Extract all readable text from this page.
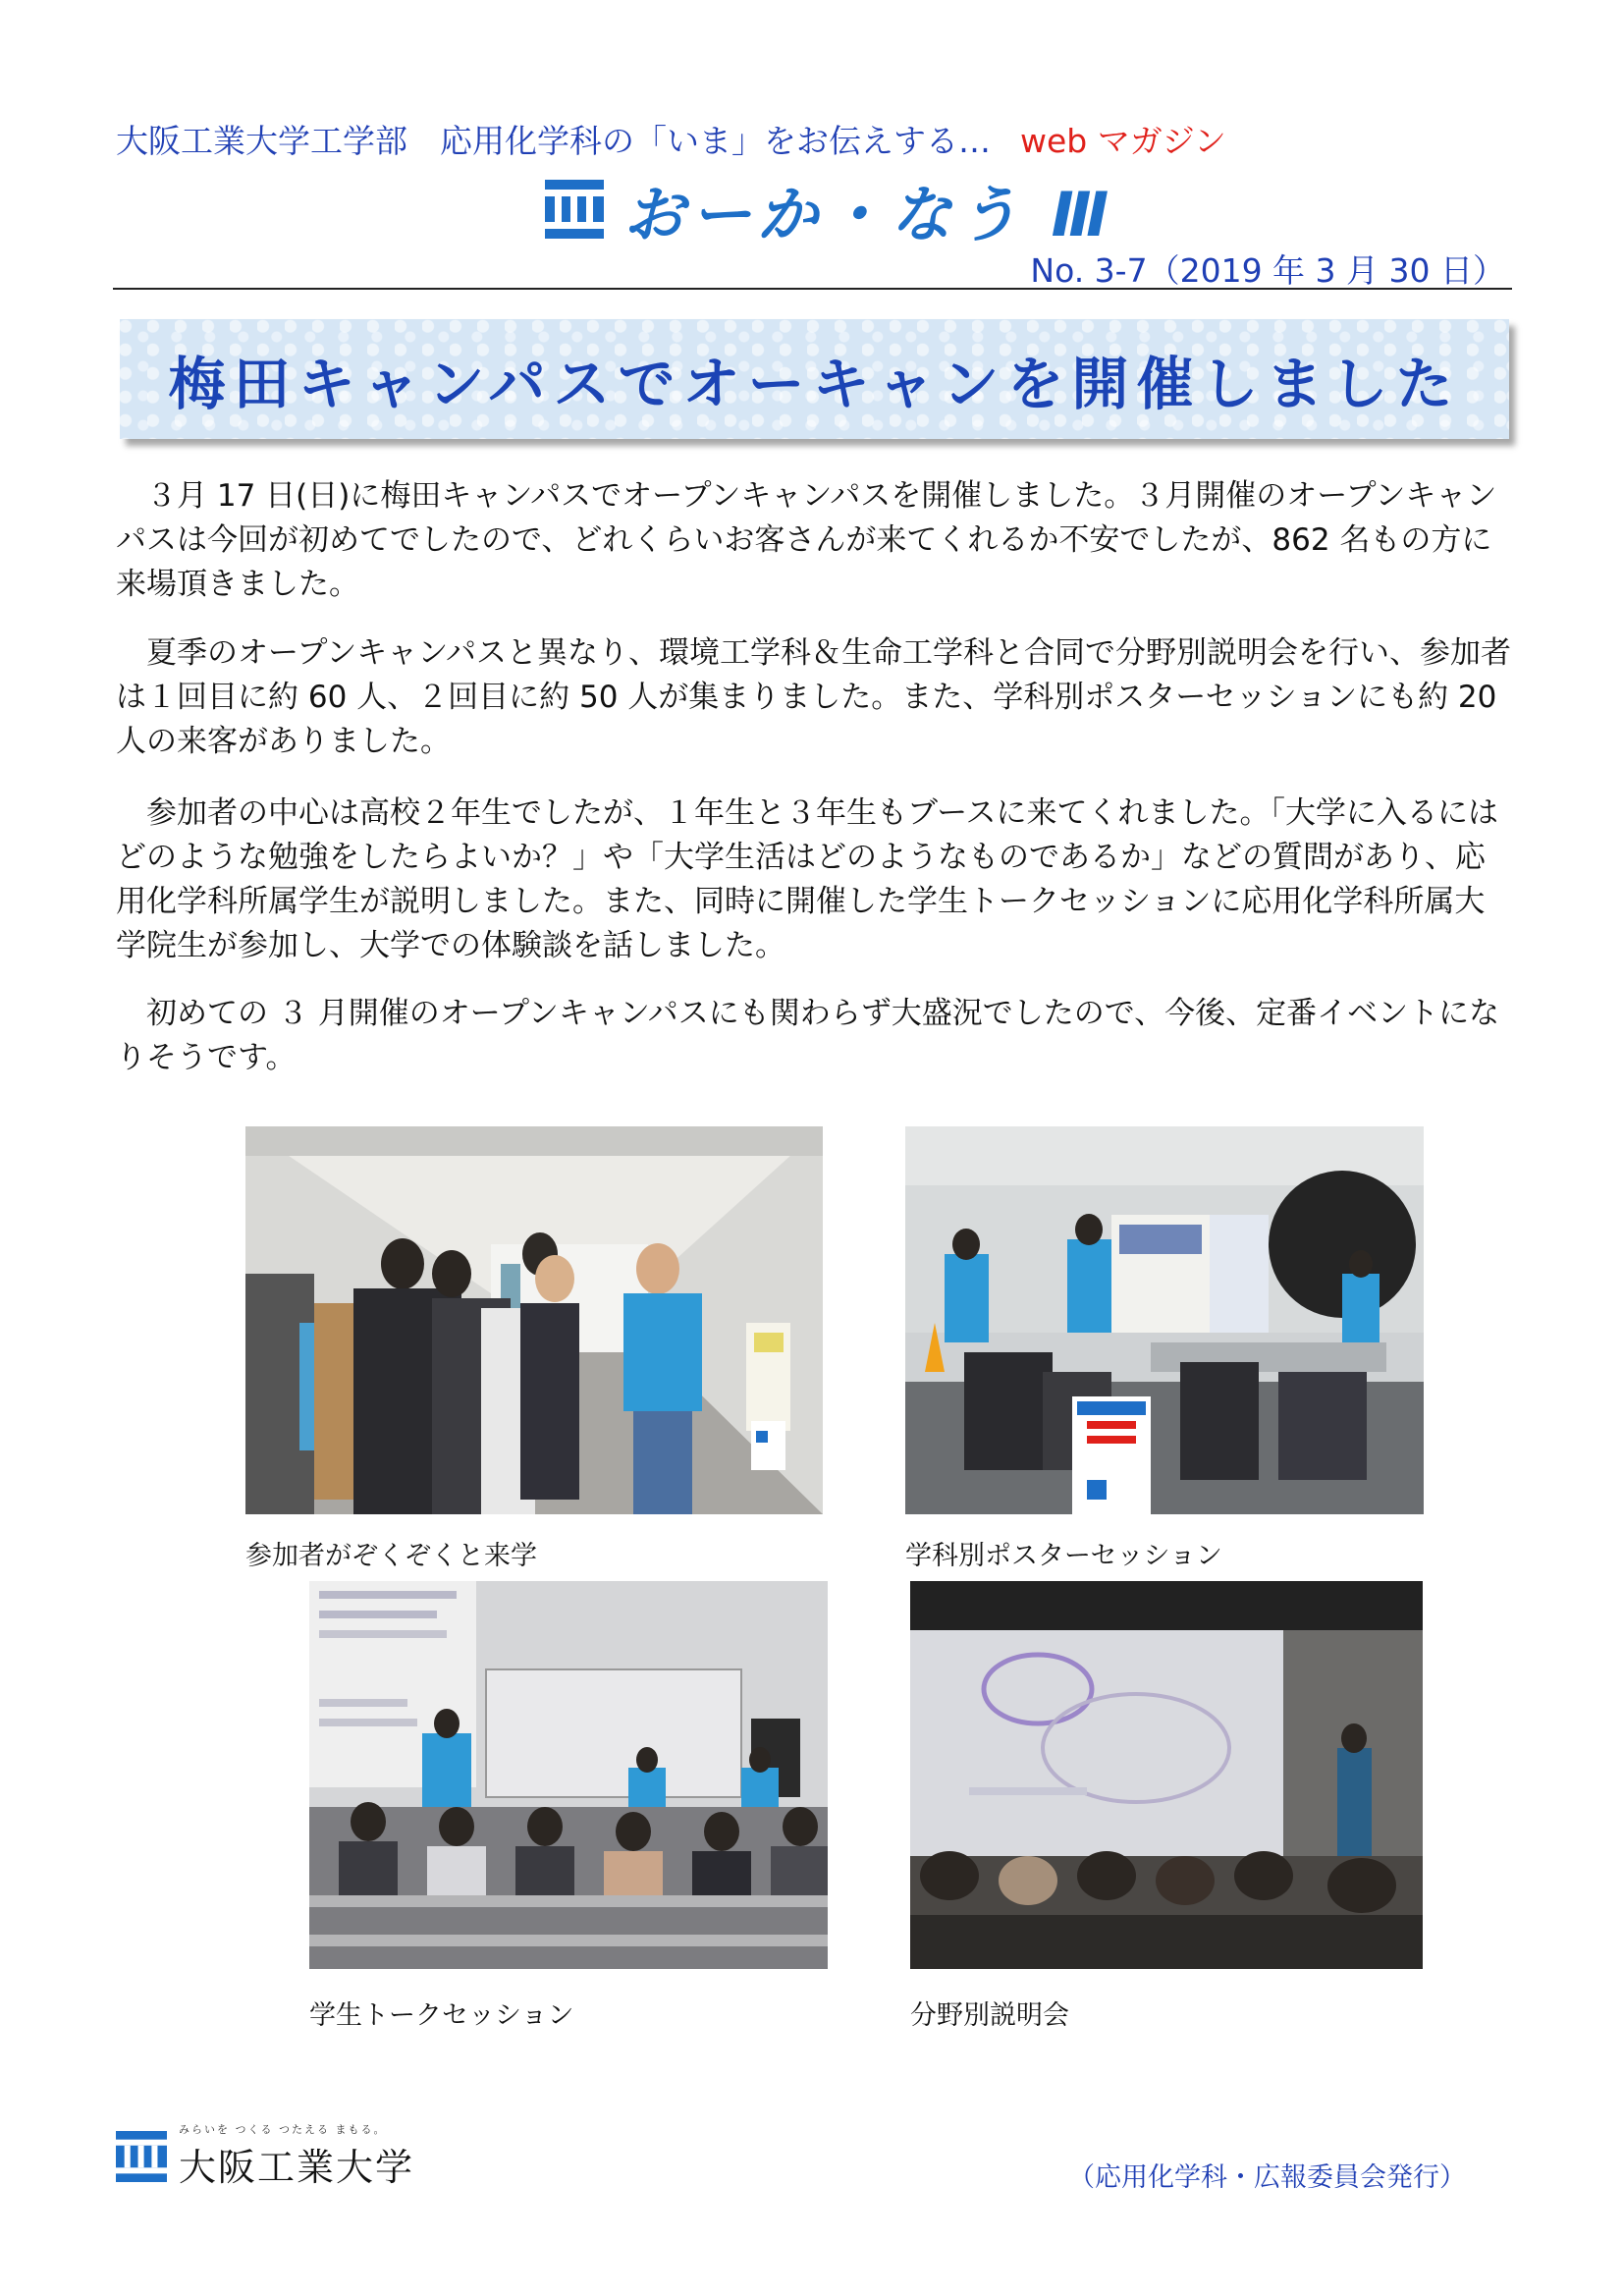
大阪工業大学工学部　応用化学科の「いま」をお伝えする… web マガジン
おーか・なう Ⅲ
No. 3-7（2019 年 3 月 30 日）
梅田キャンパスでオーキャンを開催しました

　３月 17 日(日)に梅田キャンパスでオープンキャンパスを開催しました。３月開催のオープンキャンパスは今回が初めてでしたので、どれくらいお客さんが来てくれるか不安でしたが、862 名もの方に来場頂きました。

　夏季のオープンキャンパスと異なり、環境工学科＆生命工学科と合同で分野別説明会を行い、参加者は１回目に約 60 人、２回目に約 50 人が集まりました。また、学科別ポスターセッションにも約 20 人の来客がありました。

　参加者の中心は高校２年生でしたが、１年生と３年生もブースに来てくれました。「大学に入るにはどのような勉強をしたらよいか？」や「大学生活はどのようなものであるか」などの質問があり、応用化学科所属学生が説明しました。また、同時に開催した学生トークセッションに応用化学科所属大学院生が参加し、大学での体験談を話しました。

　初めての ３ 月開催のオープンキャンパスにも関わらず大盛況でしたので、今後、定番イベントになりそうです。

参加者がぞくぞくと来学	学科別ポスターセッション
学生トークセッション	分野別説明会
みらいを つくる つたえる まもる。
大阪工業大学	（応用化学科・広報委員会発行）
